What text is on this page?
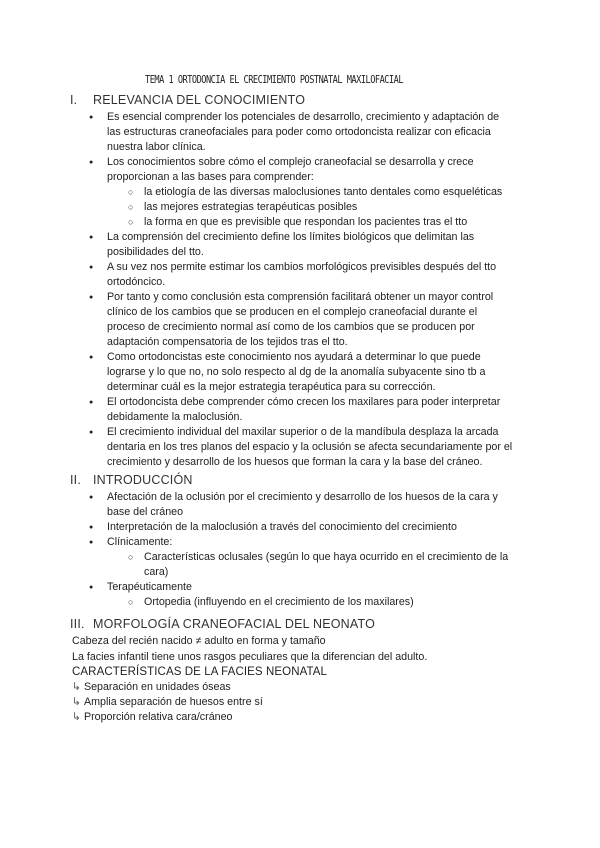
TEMA 1 ORTODONCIA EL CRECIMIENTO POSTNATAL MAXILOFACIAL
I. RELEVANCIA DEL CONOCIMIENTO
● Es esencial comprender los potenciales de desarrollo, crecimiento y adaptación de las estructuras craneofaciales para poder como ortodoncista realizar con eficacia nuestra labor clínica.
● Los conocimientos sobre cómo el complejo craneofacial se desarrolla y crece proporcionan a las bases para comprender:
○ la etiología de las diversas maloclusiones tanto dentales como esqueléticas
○ las mejores estrategias terapéuticas posibles
○ la forma en que es previsible que respondan los pacientes tras el tto
● La comprensión del crecimiento define los límites biológicos que delimitan las posibilidades del tto.
● A su vez nos permite estimar los cambios morfológicos previsibles después del tto ortodóncico.
● Por tanto y como conclusión esta comprensión facilitará obtener un mayor control clínico de los cambios que se producen en el complejo craneofacial durante el proceso de crecimiento normal así como de los cambios que se producen por adaptación compensatoria de los tejidos tras el tto.
● Como ortodoncistas este conocimiento nos ayudará a determinar lo que puede lograrse y lo que no, no solo respecto al dg de la anomalía subyacente sino tb a determinar cuál es la mejor estrategia terapéutica para su corrección.
● El ortodoncista debe comprender cómo crecen los maxilares para poder interpretar debidamente la maloclusión.
● El crecimiento individual del maxilar superior o de la mandíbula desplaza la arcada dentaria en los tres planos del espacio y la oclusión se afecta secundariamente por el crecimiento y desarrollo de los huesos que forman la cara y la base del cráneo.
II. INTRODUCCIÓN
● Afectación de la oclusión por el crecimiento y desarrollo de los huesos de la cara y base del cráneo
● Interpretación de la maloclusión a través del conocimiento del crecimiento
● Clínicamente:
○ Características oclusales (según lo que haya ocurrido en el crecimiento de la cara)
● Terapéuticamente
○ Ortopedia (influyendo en el crecimiento de los maxilares)
III. MORFOLOGÍA CRANEOFACIAL DEL NEONATO
Cabeza del recién nacido ≠ adulto en forma y tamaño
La facies infantil tiene unos rasgos peculiares que la diferencian del adulto.
CARACTERÍSTICAS DE LA FACIES NEONATAL
↳ Separación en unidades óseas
↳ Amplia separación de huesos entre sí
↳ Proporción relativa cara/cráneo
